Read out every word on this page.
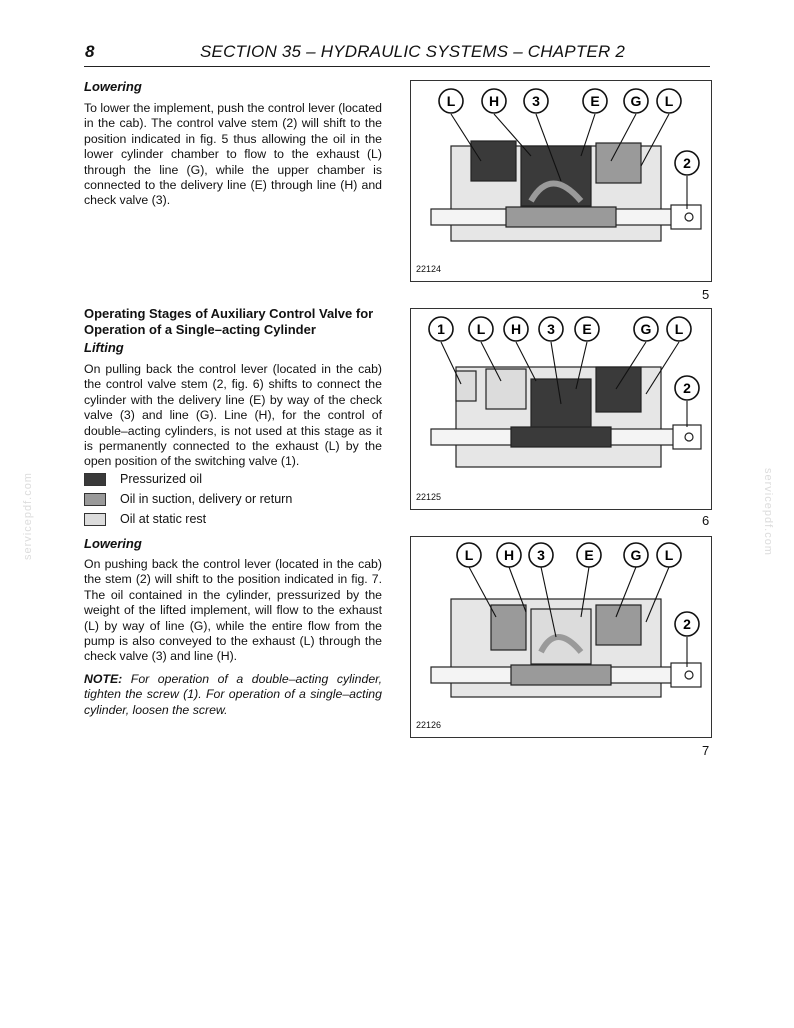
8	SECTION 35 – HYDRAULIC SYSTEMS – CHAPTER 2
Lowering
To lower the implement, push the control lever (located in the cab). The control valve stem (2) will shift to the position indicated in fig. 5 thus allowing the oil in the lower cylinder chamber to flow to the exhaust (L) through the line (G), while the upper chamber is connected to the delivery line (E) through line (H) and check valve (3).
Operating Stages of Auxiliary Control Valve for
Operation of a Single–acting Cylinder
Lifting
On pulling back the control lever (located in the cab) the control valve stem (2, fig. 6) shifts to connect the cylinder with the delivery line (E) by way of the check valve (3) and line (G). Line (H), for the control of double–acting cylinders, is not used at this stage as it is permanently connected to the exhaust (L) by the open position of the switching valve (1).
Pressurized oil
Oil in suction, delivery or return
Oil at static rest
Lowering
On pushing back the control lever (located in the cab) the stem (2) will shift to the position indicated in fig. 7. The oil contained in the cylinder, pressurized by the weight of the lifted implement, will flow to the exhaust (L) by way of line (G), while the entire flow from the pump is also conveyed to the exhaust (L) through the check valve (3) and line (H).
NOTE: For operation of a double–acting cylinder, tighten the screw (1). For operation of a single–acting cylinder, loosen the screw.
L H 3	E G L
2
22124
5
1 L H 3 E	G L
2
22125
6
L H 3	E	G L
2
22126
7
servicepdf.com	servicepdf.com
